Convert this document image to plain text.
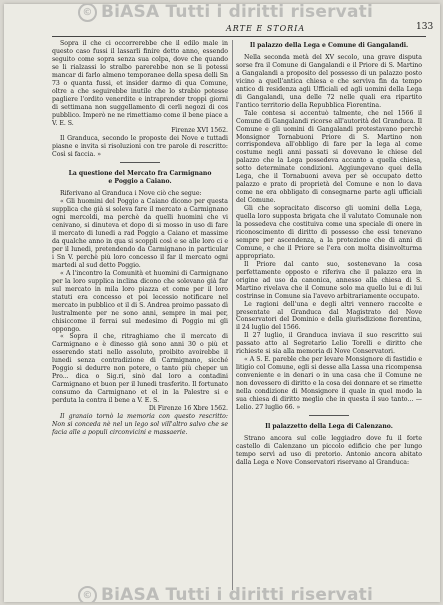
© BiASA Tutti i diritti riservati
ARTE E STORIA	133

Sopra il che ci occorrerebbe che il edilo male in questo caso fussi il lassarli finire detto anno, essendo seguito come sopra senza sua colpa, dove che quando se li rialzassi lo stralbo parerebbe non se li potessi mancar di farlo almeno temporanee della spesa delli Sn 73 o quanta fussi, et insider darmo di qua Comune, oltre a che seguirebbe inutile che lo strabio potesse pagliere l'ordito venerdite e intraprender troppi giorni di settimana non suggellamento di cerli negozi di cos pubblico. Imperò ne ne rimettiamo come il bene piace a V. E. S.

Firenze XVI 1562.

Il Granduca, secondo le proposte dei Nove e tuttadi piasne e invita si risoluzioni con tre parole di rescritto: Così si faccia. »

La questione del Mercato fra Carmignano
e Poggio a Caiano.

Riferivano al Granduca i Nove ciò che segue:

« Gli huomini del Poggio a Caiano dicono per questa supplica che già si soleva fare il mercato a Carmignano ogni mercoldi, ma perchè da quelli huomini che vi cenivano, si dinuteva et dopo di si mosso in uso di fare il mercato di lunedi a rad Poggio a Caiano et massime da qualche anno in qua si scoppli così e se alle loro ci e per il lunedi, pretendendo da Carmignano in particular i Sn V. perchè più loro concesso il far il mercato ogni martedi al sud detto Poggio.

« A l'incontro la Comunità et huomini di Carmignano per la loro supplica inclina dicono che solevano già far sul mercato in mila loro piazza et come per il loro statuti era concesso et poi lecessio notificare nel mercato in pubblico et il di S. Andrea proimo passato dì lustralmente per ne sono anni, sempre in mai per, chisiccome il ferrai sul medesimo di Poggio mi gli oppongo.

« Sopra il che, ritraghiamo che il mercato di Carmignano e è dinesso già sono anni 30 o più et esserendo stati nello assoluto, proibito avoirebbe il lunedi senza contradizione di Carmignano, sicché Poggio si dedurre non potere, o tanto più cheper un Pro... dica o Sig.ri, sinò dal loro a contadini Carmignano et buon per il lunedi trasferito. Il fortunato consumo da Carmignano et el in la Palestre si e perduta la contra il bene a V. E. S.

Di Firenze 16 Xbre 1562.

Il granaio tornò la memoria con questo rescritto: Non si conceda nè nel un lego sol vill'altro salvo che se facia alle a populi circonvicini e massaerie.

Il palazzo della Lega e Comune di Gangalandi.

Nella seconda metà del XV secolo, una grave disputa sorse fra il Comune di Gangalandi e il Priore di S. Martino a Gangalandi a proposito del possesso di un palazzo posto vicino a quell'antica chiesa e che serviva fin da tempo antico di residenza agli Ufficiali ed agli uomini della Lega di Gangalandi, una delle 72 nelle quali era ripartito l'antico territorio della Repubblica Fiorentina.

Tale contesa si accentuò talmente, che nel 1566 il Comune di Gangalandi ricorse all'autorità del Granduca. Il Comune e gli uomini di Gangalandi protestavano perchè Monsignor Tornabuoni Priore di S. Martino non corrispondeva all'obbligo di fare per la lega al come costume negli anni passati si dovevano le chiese del palazzo che la Lega possedeva accanto a quella chiesa, sotto determinate condizioni. Aggiungevano quei della Lega, che il Tornabuoni aveva per sè occupato detto palazzo e prato di proprietà del Comune e non lo dava come ne era obbligato di consegnarne parte agli ufficiali del Comune.

Gli che sopracitato discorso gli uomini della Lega, quella loro supposta brigata che il valutato Comunale non la possedeva che costituiva come una speciale di onere in riconoscimento di diritto di possesso che essi tenevano sempre per ascendenza, a la protezione che di anni di Comune, e che il Priore se l'era con molta disinvolturma appropriato.

Il Priore dal canto suo, sostenevano la cosa perfettamente opposto e riferiva che il palazzo era in origine ad uso da canonica, annesso alla chiesa di S. Martino rivelava che il Comune solo ma quello lui e di lui costrinse in Comune sia l'avevo arbitrariamente occupato.

Le ragioni dell'una e degli altri vennero raccolte e presentate al Granduca dal Magistrato del Nove Conservatori del Dominio e della giurisdizione fiorentina, il 24 luglio del 1566.

Il 27 luglio, il Granduca inviava il suo rescritto sui passato atto al Segretario Lelio Torelli e diritto che richieste si sia alla memoria di Nove Conservatori.

« A S. E. pareble che per levare Monsignore di fastidio e litigio col Comune, egli si desse alla Lassa una ricompensa conveniente e in denari o in una casa che il Comune ne non dovessero di diritto e la cosa dei donnare et se rimette nella condizione di Monsignore il quale in quel modo la sua chiesa di diritto meglio che in questa il suo tanto... — Lelio. 27 luglio 66. »

Il palazzetto della Lega di Calenzano.

Strano ancora sul colle leggiadro dove fu il forte castello di Calenzano un piccolo edificio che per lungo tempo servì ad uso di pretorio. Antonio ancora abitato dalla Lega e Nove Conservatori riservano al Granduca:

© BiASA Tutti i diritti riservati
